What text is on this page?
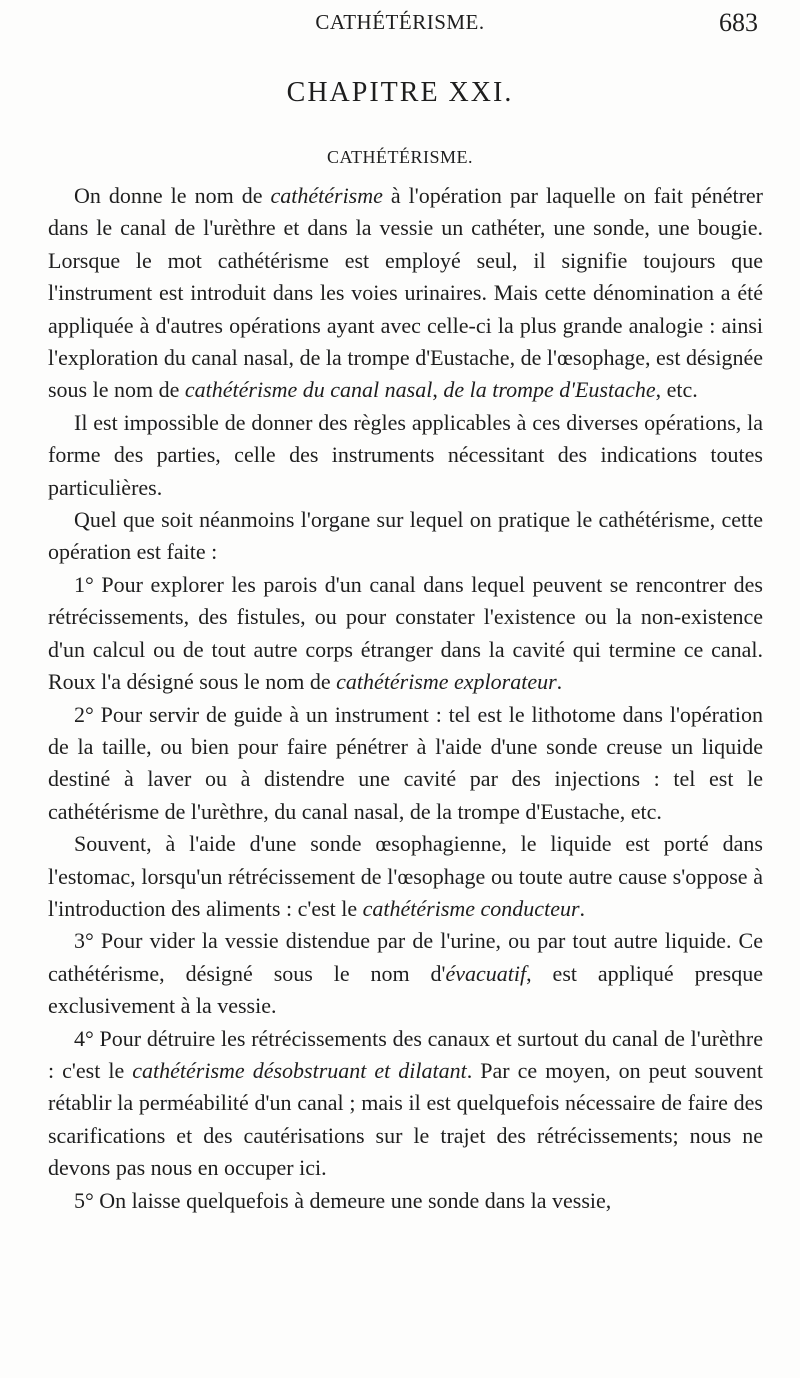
CATHÉTÉRISME.	683
CHAPITRE XXI.
CATHÉTÉRISME.

On donne le nom de cathétérisme à l'opération par laquelle on fait pénétrer dans le canal de l'urèthre et dans la vessie un cathéter, une sonde, une bougie. Lorsque le mot cathétérisme est employé seul, il signifie toujours que l'instrument est introduit dans les voies urinaires. Mais cette dénomination a été appliquée à d'autres opérations ayant avec celle-ci la plus grande analogie : ainsi l'exploration du canal nasal, de la trompe d'Eustache, de l'œsophage, est désignée sous le nom de cathétérisme du canal nasal, de la trompe d'Eustache, etc.

Il est impossible de donner des règles applicables à ces diverses opérations, la forme des parties, celle des instruments nécessitant des indications toutes particulières.

Quel que soit néanmoins l'organe sur lequel on pratique le cathétérisme, cette opération est faite :

1° Pour explorer les parois d'un canal dans lequel peuvent se rencontrer des rétrécissements, des fistules, ou pour constater l'existence ou la non-existence d'un calcul ou de tout autre corps étranger dans la cavité qui termine ce canal. Roux l'a désigné sous le nom de cathétérisme explorateur.

2° Pour servir de guide à un instrument : tel est le lithotome dans l'opération de la taille, ou bien pour faire pénétrer à l'aide d'une sonde creuse un liquide destiné à laver ou à distendre une cavité par des injections : tel est le cathétérisme de l'urèthre, du canal nasal, de la trompe d'Eustache, etc.

Souvent, à l'aide d'une sonde œsophagienne, le liquide est porté dans l'estomac, lorsqu'un rétrécissement de l'œsophage ou toute autre cause s'oppose à l'introduction des aliments : c'est le cathétérisme conducteur.

3° Pour vider la vessie distendue par de l'urine, ou par tout autre liquide. Ce cathétérisme, désigné sous le nom d'évacuatif, est appliqué presque exclusivement à la vessie.

4° Pour détruire les rétrécissements des canaux et surtout du canal de l'urèthre : c'est le cathétérisme désobstruant et dilatant. Par ce moyen, on peut souvent rétablir la perméabilité d'un canal ; mais il est quelquefois nécessaire de faire des scarifications et des cautérisations sur le trajet des rétrécissements; nous ne devons pas nous en occuper ici.

5° On laisse quelquefois à demeure une sonde dans la vessie,
